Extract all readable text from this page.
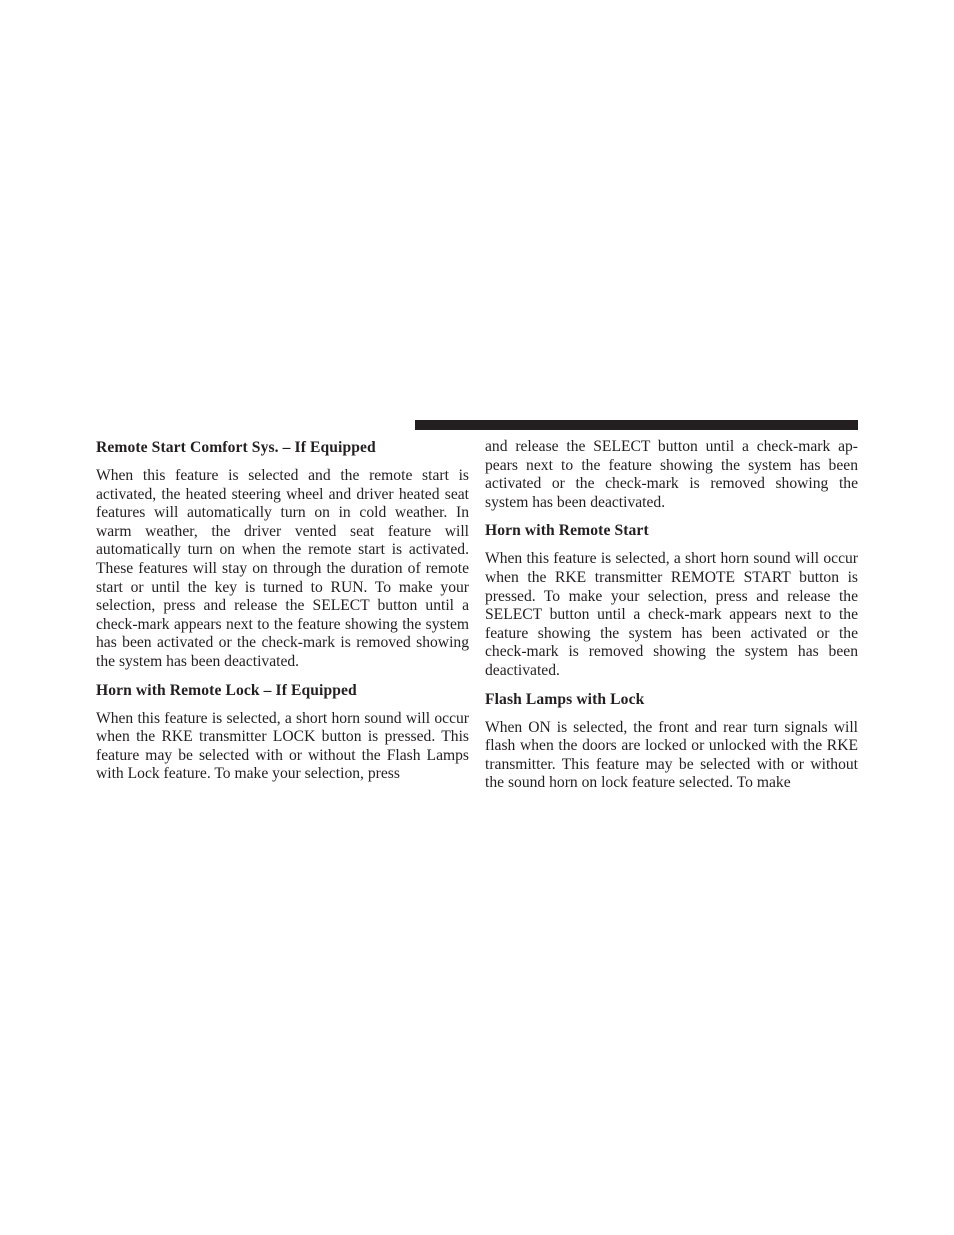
Remote Start Comfort Sys. – If Equipped

When this feature is selected and the remote start is activated, the heated steering wheel and driver heated seat features will automatically turn on in cold weather. In warm weather, the driver vented seat feature will automatically turn on when the remote start is activated. These features will stay on through the duration of remote start or until the key is turned to RUN. To make your selection, press and release the SELECT button until a check-mark appears next to the feature showing the system has been activated or the check-mark is removed showing the system has been deactivated.

Horn with Remote Lock – If Equipped

When this feature is selected, a short horn sound will occur when the RKE transmitter LOCK button is pressed. This feature may be selected with or without the Flash Lamps with Lock feature. To make your selection, press

and release the SELECT button until a check-mark ap-pears next to the feature showing the system has been activated or the check-mark is removed showing the system has been deactivated.

Horn with Remote Start

When this feature is selected, a short horn sound will occur when the RKE transmitter REMOTE START button is pressed. To make your selection, press and release the SELECT button until a check-mark appears next to the feature showing the system has been activated or the check-mark is removed showing the system has been deactivated.

Flash Lamps with Lock

When ON is selected, the front and rear turn signals will flash when the doors are locked or unlocked with the RKE transmitter. This feature may be selected with or without the sound horn on lock feature selected. To make
